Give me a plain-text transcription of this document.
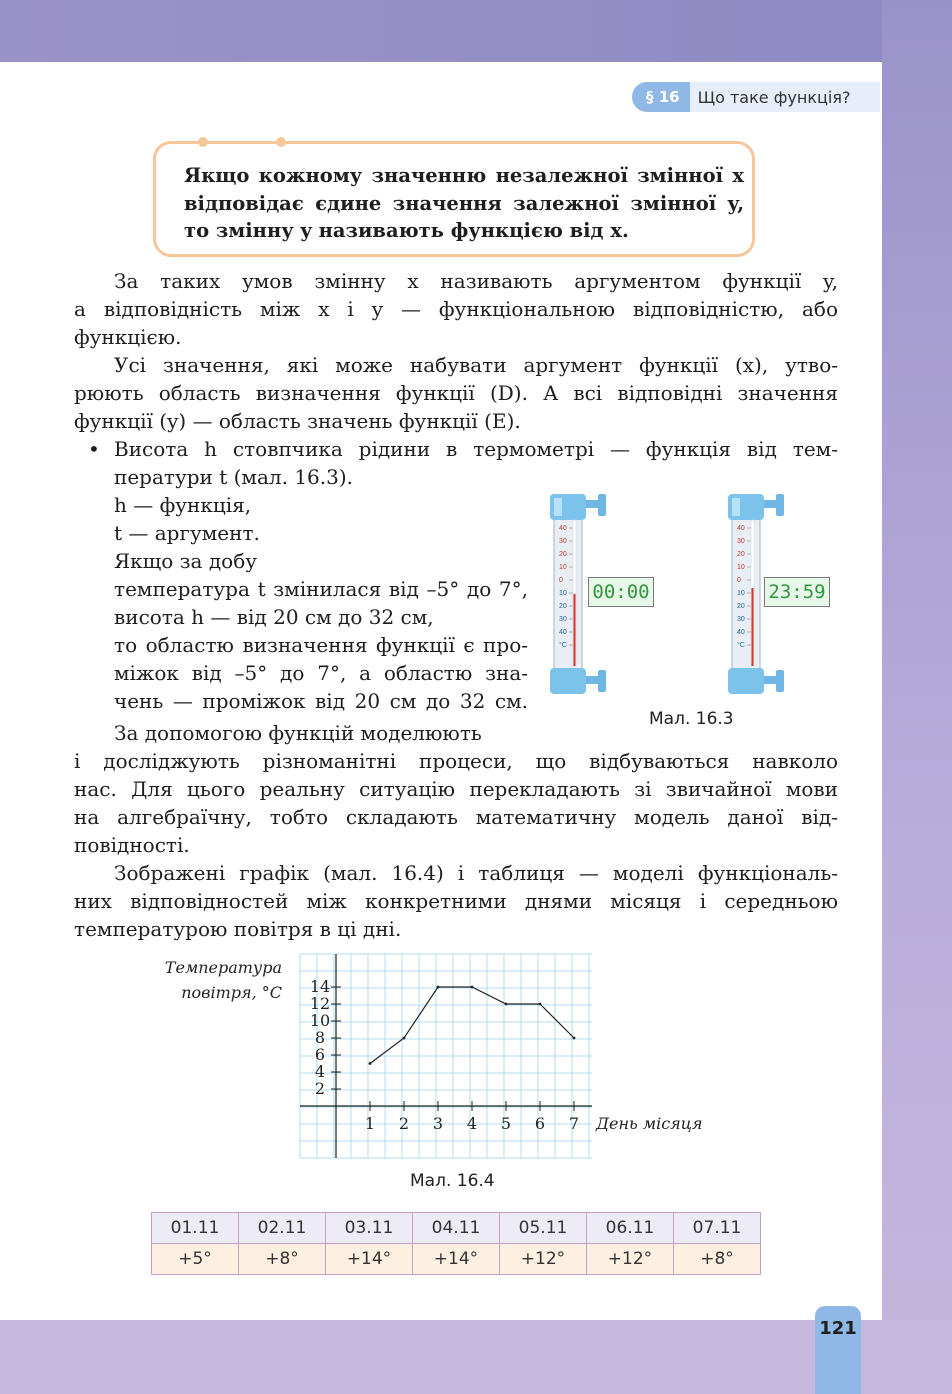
§ 16	Що таке функція?

Якщо кожному значенню незалежної змінної x

відповідає єдине значення залежної змінної y,

то змінну y називають функцією від x.

За таких умов змінну x називають аргументом функції y,
а відповідність між x і y — функціональною відповідністю, або
функцією.
Усі значення, які може набувати аргумент функції (x), утво-
рюють область визначення функції (D). А всі відповідні значення
функції (y) — область значень функції (E).
• Висота h стовпчика рідини в термометрі — функція від тем-
ператури t (мал. 16.3).
h — функція,
t — аргумент.
Якщо за добу
температура t змінилася від –5° до 7°,
висота h — від 20 см до 32 см,
то областю визначення функції є про-
міжок від –5° до 7°, а областю зна-
чень — проміжок від 20 см до 32 см.
40
30
20
10
0
10
20
30
40
°C
40
30
20
10
0
10
20
30
40
°C
00:00	23:59
Мал. 16.3
За допомогою функцій моделюють
і досліджують різноманітні процеси, що відбуваються навколо
нас. Для цього реальну ситуацію перекладають зі звичайної мови
на алгебраїчну, тобто складають математичну модель даної від-
повідності.
Зображені графік (мал. 16.4) і таблиця — моделі функціональ-
них відповідностей між конкретними днями місяця і середньою
температурою повітря в ці дні.
2
4
6
8
10
12
14
1 2 3 4 5 6 7
Температура
повітря, °C
День місяця
Мал. 16.4
01.11	02.11	03.11	04.11	05.11	06.11	07.11
+5°	+8°	+14°	+14°	+12°	+12°	+8°
121
